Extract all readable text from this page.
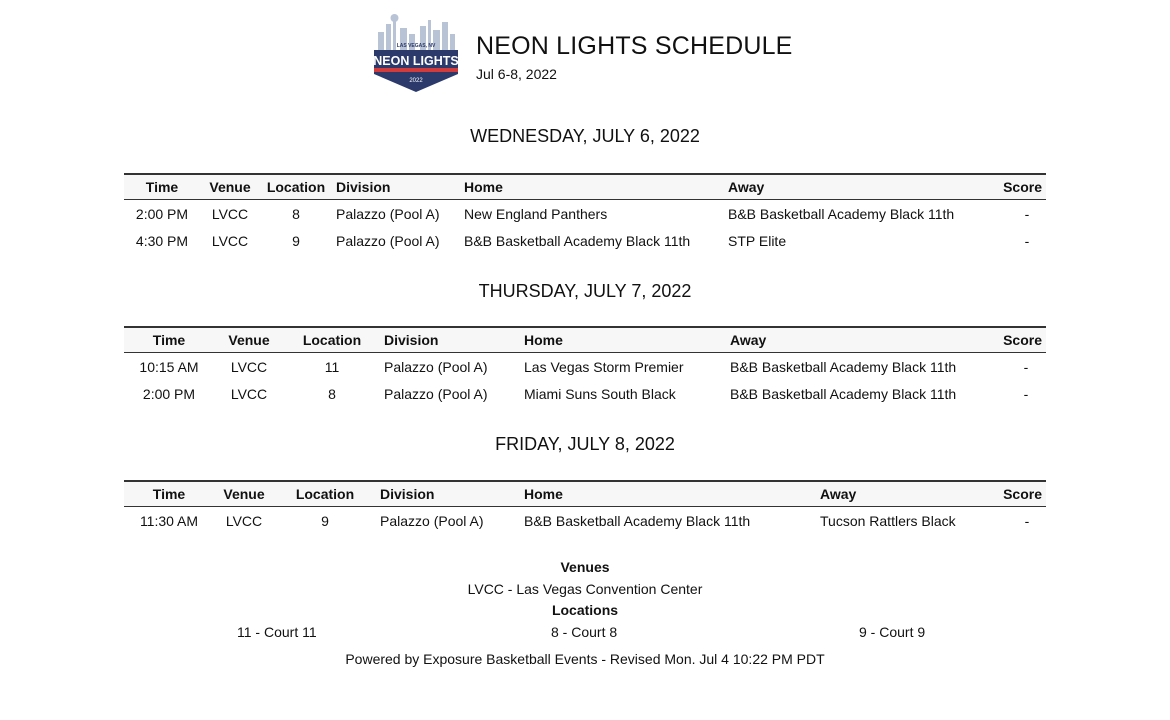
LAS VEGAS, NV
NEON LIGHTS
2022
NEON LIGHTS SCHEDULE
Jul 6-8, 2022
WEDNESDAY, JULY 6, 2022
Time	Venue	Location	Division	Home	Away	Score
2:00 PM	LVCC	8	Palazzo (Pool A)	New England Panthers	B&B Basketball Academy Black 11th	-
4:30 PM	LVCC	9	Palazzo (Pool A)	B&B Basketball Academy Black 11th	STP Elite	-
THURSDAY, JULY 7, 2022
Time	Venue	Location	Division	Home	Away	Score
10:15 AM	LVCC	11	Palazzo (Pool A)	Las Vegas Storm Premier	B&B Basketball Academy Black 11th	-
2:00 PM	LVCC	8	Palazzo (Pool A)	Miami Suns South Black	B&B Basketball Academy Black 11th	-
FRIDAY, JULY 8, 2022
Time	Venue	Location	Division	Home	Away	Score
11:30 AM	LVCC	9	Palazzo (Pool A)	B&B Basketball Academy Black 11th	Tucson Rattlers Black	-
Venues
LVCC - Las Vegas Convention Center
Locations
11 - Court 11	8 - Court 8	9 - Court 9
Powered by Exposure Basketball Events - Revised Mon. Jul 4 10:22 PM PDT
